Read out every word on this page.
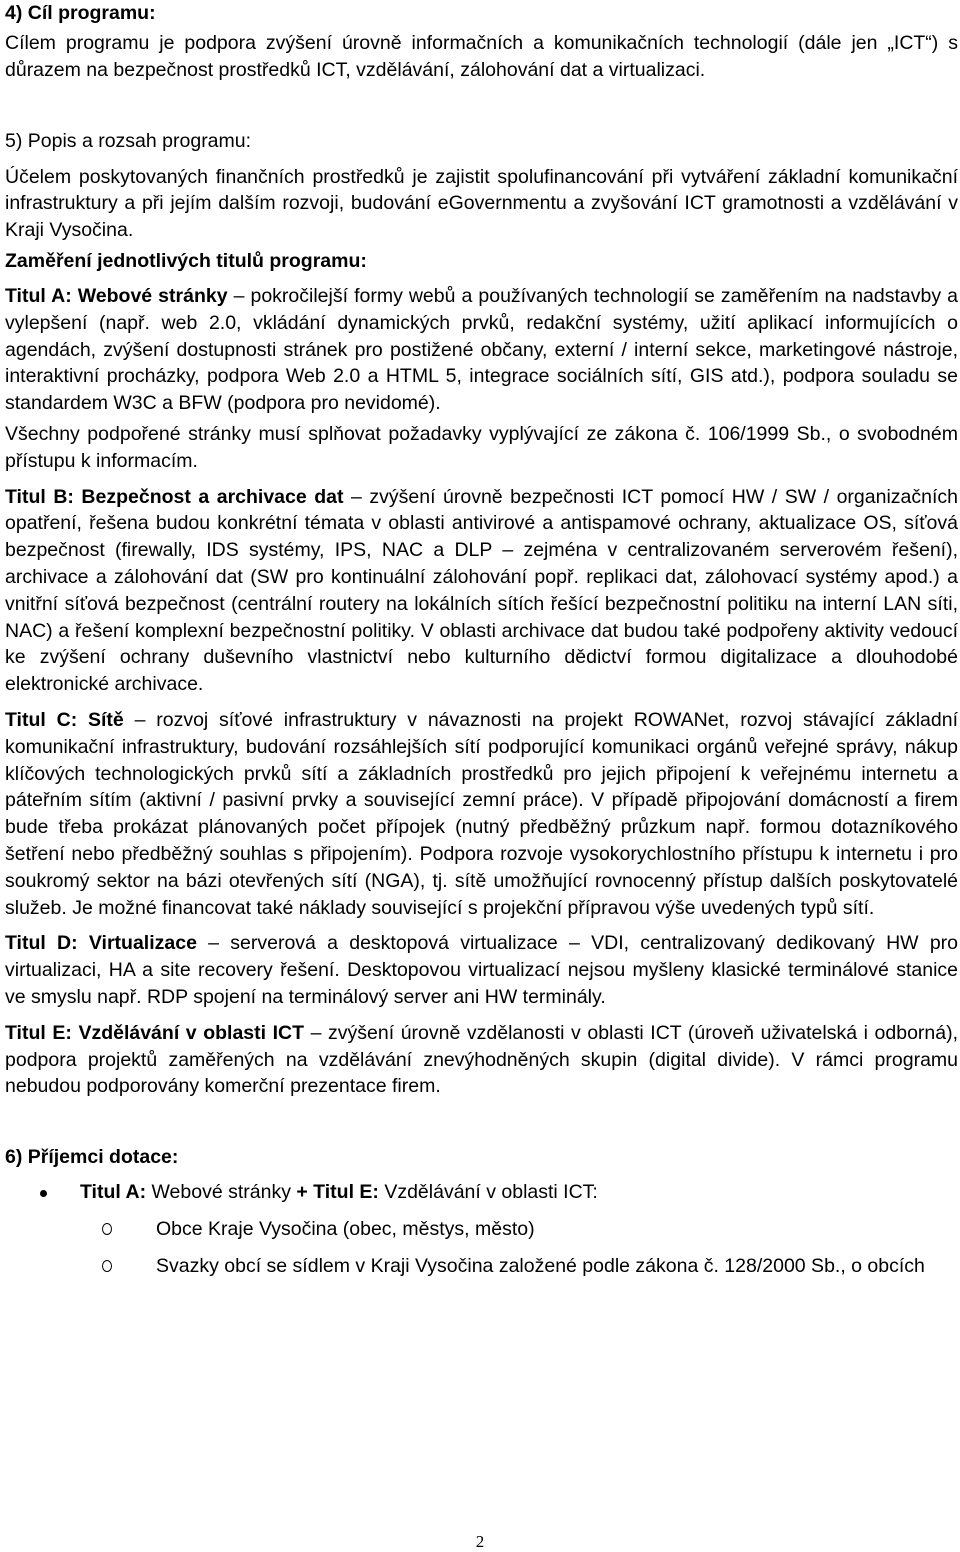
4) Cíl programu:

Cílem programu je podpora zvýšení úrovně informačních a komunikačních technologií (dále jen „ICT“) s důrazem na bezpečnost prostředků ICT, vzdělávání, zálohování dat a virtualizaci.

5) Popis a rozsah programu:

Účelem poskytovaných finančních prostředků je zajistit spolufinancování při vytváření základní komunikační infrastruktury a při jejím dalším rozvoji, budování eGovernmentu a zvyšování ICT gramotnosti a vzdělávání v Kraji Vysočina.

Zaměření jednotlivých titulů programu:

Titul A: Webové stránky – pokročilejší formy webů a používaných technologií se zaměřením na nadstavby a vylepšení (např. web 2.0, vkládání dynamických prvků, redakční systémy, užití aplikací informujících o agendách, zvýšení dostupnosti stránek pro postižené občany, externí / interní sekce, marketingové nástroje, interaktivní procházky, podpora Web 2.0 a HTML 5, integrace sociálních sítí, GIS atd.), podpora souladu se standardem W3C a BFW (podpora pro nevidomé).

Všechny podpořené stránky musí splňovat požadavky vyplývající ze zákona č. 106/1999 Sb., o svobodném přístupu k informacím.

Titul B: Bezpečnost a archivace dat – zvýšení úrovně bezpečnosti ICT pomocí HW / SW / organizačních opatření, řešena budou konkrétní témata v oblasti antivirové a antispamové ochrany, aktualizace OS, síťová bezpečnost (firewally, IDS systémy, IPS, NAC a DLP – zejména v centralizovaném serverovém řešení), archivace a zálohování dat (SW pro kontinuální zálohování popř. replikaci dat, zálohovací systémy apod.) a vnitřní síťová bezpečnost (centrální routery na lokálních sítích řešící bezpečnostní politiku na interní LAN síti, NAC) a řešení komplexní bezpečnostní politiky. V oblasti archivace dat budou také podpořeny aktivity vedoucí ke zvýšení ochrany duševního vlastnictví nebo kulturního dědictví formou digitalizace a dlouhodobé elektronické archivace.

Titul C: Sítě – rozvoj síťové infrastruktury v návaznosti na projekt ROWANet, rozvoj stávající základní komunikační infrastruktury, budování rozsáhlejších sítí podporující komunikaci orgánů veřejné správy, nákup klíčových technologických prvků sítí a základních prostředků pro jejich připojení k veřejnému internetu a páteřním sítím (aktivní / pasivní prvky a související zemní práce). V případě připojování domácností a firem bude třeba prokázat plánovaných počet přípojek (nutný předběžný průzkum např. formou dotazníkového šetření nebo předběžný souhlas s připojením). Podpora rozvoje vysokorychlostního přístupu k internetu i pro soukromý sektor na bázi otevřených sítí (NGA), tj. sítě umožňující rovnocenný přístup dalších poskytovatelé služeb. Je možné financovat také náklady související s projekční přípravou výše uvedených typů sítí.

Titul D: Virtualizace – serverová a desktopová virtualizace – VDI, centralizovaný dedikovaný HW pro virtualizaci, HA a site recovery řešení. Desktopovou virtualizací nejsou myšleny klasické terminálové stanice ve smyslu např. RDP spojení na terminálový server ani HW terminály.

Titul E: Vzdělávání v oblasti ICT – zvýšení úrovně vzdělanosti v oblasti ICT (úroveň uživatelská i odborná), podpora projektů zaměřených na vzdělávání znevýhodněných skupin (digital divide). V rámci programu nebudou podporovány komerční prezentace firem.

6) Příjemci dotace:

Titul A: Webové stránky + Titul E: Vzdělávání v oblasti ICT:
Obce Kraje Vysočina (obec, městys, město)
Svazky obcí se sídlem v Kraji Vysočina založené podle zákona č. 128/2000 Sb., o obcích
2
